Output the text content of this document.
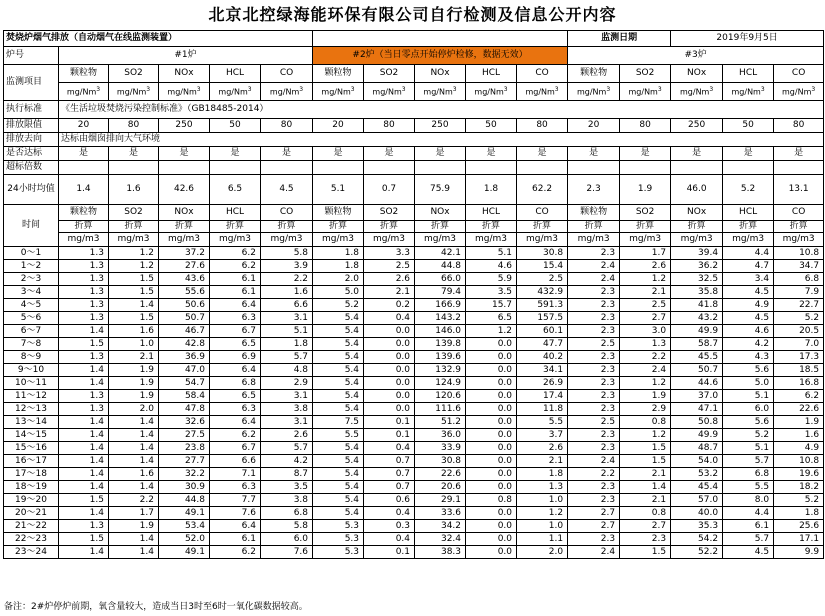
北京北控绿海能环保有限公司自行检测及信息公开内容
焚烧炉烟气排放（自动烟气在线监测装置）											监测日期		2019年9月5日		
炉号	#1炉					#2炉（当日零点开始停炉检修，数据无效）					#3炉				
监测项目	颗粒物	SO2	NOx	HCL	CO	颗粒物	SO2	NOx	HCL	CO	颗粒物	SO2	NOx	HCL	CO
	mg/Nm$^3$	mg/Nm$^3$	mg/Nm$^3$	mg/Nm$^3$	mg/Nm$^3$	mg/Nm$^3$	mg/Nm$^3$	mg/Nm$^3$	mg/Nm$^3$	mg/Nm$^3$	mg/Nm$^3$	mg/Nm$^3$	mg/Nm$^3$	mg/Nm$^3$	mg/Nm$^3$
执行标准	《生活垃圾焚烧污染控制标准》（GB18485-2014）														
排放限值	20	80	250	50	80	20	80	250	50	80	20	80	250	50	80
排放去向	达标由烟囱排向大气环境														
是否达标	是	是	是	是	是	是	是	是	是	是	是	是	是	是	是
超标倍数															
24小时均值	1.4	1.6	42.6	6.5	4.5	5.1	0.7	75.9	1.8	62.2	2.3	1.9	46.0	5.2	13.1
时间	颗粒物	SO2	NOx	HCL	CO	颗粒物	SO2	NOx	HCL	CO	颗粒物	SO2	NOx	HCL	CO
	折算	折算	折算	折算	折算	折算	折算	折算	折算	折算	折算	折算	折算	折算	折算
	mg/m3	mg/m3	mg/m3	mg/m3	mg/m3	mg/m3	mg/m3	mg/m3	mg/m3	mg/m3	mg/m3	mg/m3	mg/m3	mg/m3	mg/m3
0～1	1.3	1.2	37.2	6.2	5.8	1.8	3.3	42.1	5.1	30.8	2.3	1.7	39.4	4.4	10.8
1～2	1.3	1.2	27.6	6.2	3.9	1.8	2.5	44.8	4.6	15.4	2.4	2.6	36.2	4.7	34.7
2～3	1.3	1.5	43.6	6.1	2.2	2.0	2.6	66.0	5.9	2.5	2.4	1.2	32.5	3.4	6.8
3～4	1.3	1.5	55.6	6.1	1.6	5.0	2.1	79.4	3.5	432.9	2.3	2.1	35.8	4.5	7.9
4～5	1.3	1.4	50.6	6.4	6.6	5.2	0.2	166.9	15.7	591.3	2.3	2.5	41.8	4.9	22.7
5～6	1.3	1.5	50.7	6.3	3.1	5.4	0.4	143.2	6.5	157.5	2.3	2.7	43.2	4.5	5.2
6～7	1.4	1.6	46.7	6.7	5.1	5.4	0.0	146.0	1.2	60.1	2.3	3.0	49.9	4.6	20.5
7～8	1.5	1.0	42.8	6.5	1.8	5.4	0.0	139.8	0.0	47.7	2.5	1.3	58.7	4.2	7.0
8～9	1.3	2.1	36.9	6.9	5.7	5.4	0.0	139.6	0.0	40.2	2.3	2.2	45.5	4.3	17.3
9～10	1.4	1.9	47.0	6.4	4.8	5.4	0.0	132.9	0.0	34.1	2.3	2.4	50.7	5.6	18.5
10～11	1.4	1.9	54.7	6.8	2.9	5.4	0.0	124.9	0.0	26.9	2.3	1.2	44.6	5.0	16.8
11～12	1.3	1.9	58.4	6.5	3.1	5.4	0.0	120.6	0.0	17.4	2.3	1.9	37.0	5.1	6.2
12～13	1.3	2.0	47.8	6.3	3.8	5.4	0.0	111.6	0.0	11.8	2.3	2.9	47.1	6.0	22.6
13～14	1.4	1.4	32.6	6.4	3.1	7.5	0.1	51.2	0.0	5.5	2.5	0.8	50.8	5.6	1.9
14～15	1.4	1.4	27.5	6.2	2.6	5.5	0.1	36.0	0.0	3.7	2.3	1.2	49.9	5.2	1.6
15～16	1.4	1.4	23.8	6.7	5.7	5.4	0.4	33.9	0.0	2.6	2.3	1.5	48.7	5.1	4.9
16～17	1.4	1.4	27.7	6.6	4.2	5.4	0.7	30.8	0.0	2.1	2.4	1.5	54.0	5.7	10.8
17～18	1.4	1.6	32.2	7.1	8.7	5.4	0.7	22.6	0.0	1.8	2.2	2.1	53.2	6.8	19.6
18～19	1.4	1.4	30.9	6.3	3.5	5.4	0.7	20.6	0.0	1.3	2.3	1.4	45.4	5.5	18.2
19～20	1.5	2.2	44.8	7.7	3.8	5.4	0.6	29.1	0.8	1.0	2.3	2.1	57.0	8.0	5.2
20～21	1.4	1.7	49.1	7.6	6.8	5.4	0.4	33.6	0.0	1.2	2.7	0.8	40.0	4.4	1.8
21～22	1.3	1.9	53.4	6.4	5.8	5.3	0.3	34.2	0.0	1.0	2.7	2.7	35.3	6.1	25.6
22～23	1.5	1.4	52.0	6.1	6.0	5.3	0.4	32.4	0.0	1.1	2.3	2.3	54.2	5.7	17.1
23～24	1.4	1.4	49.1	6.2	7.6	5.3	0.1	38.3	0.0	2.0	2.4	1.5	52.2	4.5	9.9
备注：2#炉停炉前期，氧含量较大，造成当日3时至6时一氧化碳数据较高。
